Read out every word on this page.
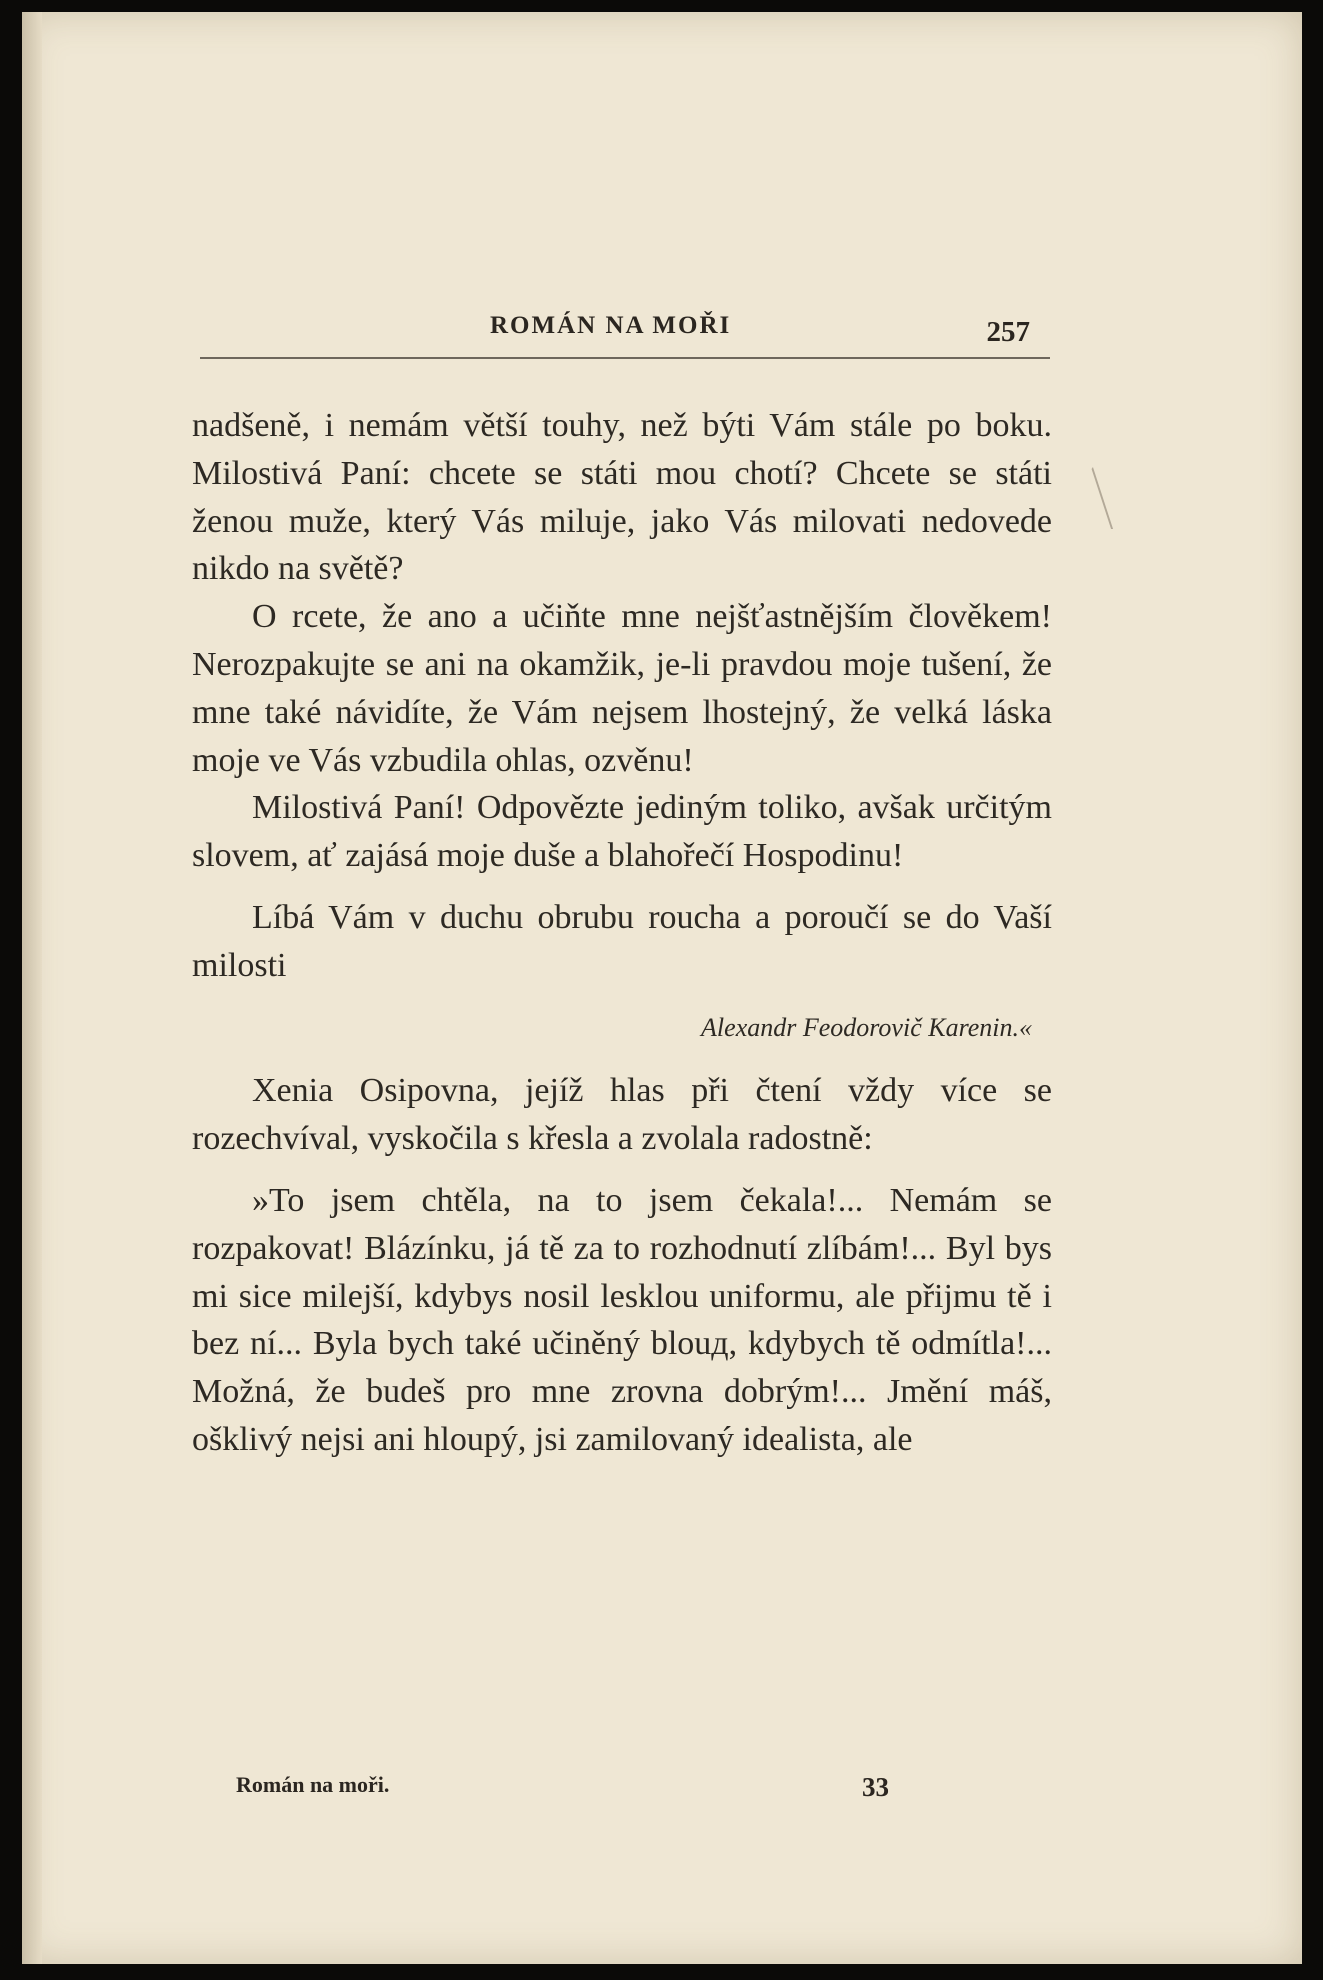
ROMÁN NA MOŘI	257

nadšeně, i nemám větší touhy, než býti Vám stále po boku. Milostivá Paní: chcete se státi mou chotí? Chcete se státi ženou muže, který Vás miluje, jako Vás milovati nedovede nikdo na světě?

O rcete, že ano a učiňte mne nejšťastnějším člověkem! Nerozpakujte se ani na okamžik, je-li pravdou moje tušení, že mne také návidíte, že Vám nejsem lhostejný, že velká láska moje ve Vás vzbudila ohlas, ozvěnu!

Milostivá Paní! Odpovězte jediným toliko, avšak určitým slovem, ať zajásá moje duše a blahořečí Hospodinu!

Líbá Vám v duchu obrubu roucha a poroučí se do Vaší milosti

Alexandr Feodorovič Karenin.«

Xenia Osipovna, jejíž hlas při čtení vždy více se rozechvíval, vyskočila s křesla a zvolala radostně:

»To jsem chtěla, na to jsem čekala!... Nemám se rozpakovat! Blázínku, já tě za to rozhodnutí zlíbám!... Byl bys mi sice milejší, kdybys nosil lesklou uniformu, ale přijmu tě i bez ní... Byla bych také učiněný blouд, kdybych tě odmítla!... Možná, že budeš pro mne zrovna dobrým!... Jmění máš, ošklivý nejsi ani hloupý, jsi zamilovaný idealista, ale

Román na moři.	33
